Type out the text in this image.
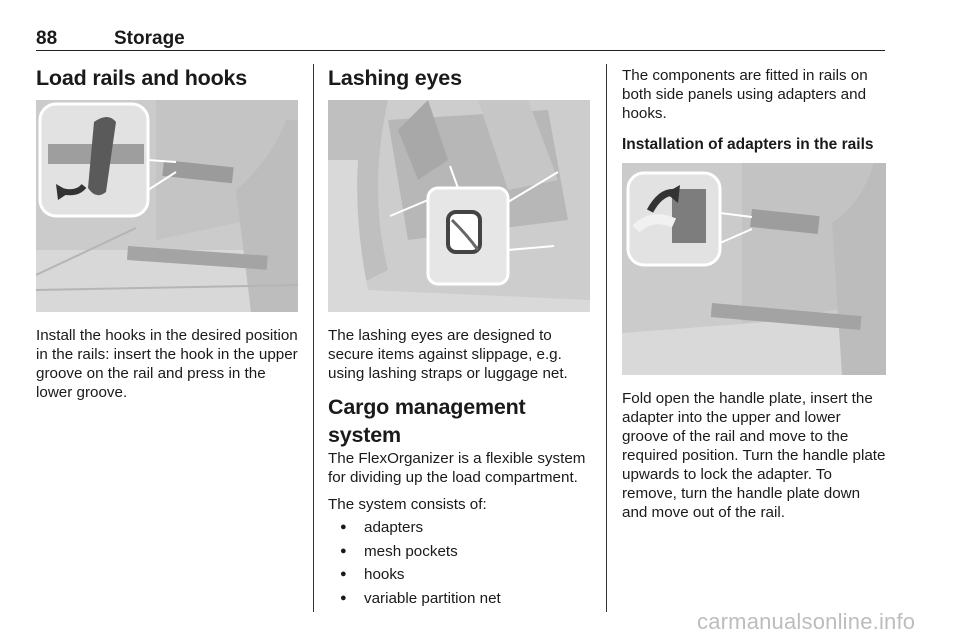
88	Storage
Load rails and hooks

Install the hooks in the desired position in the rails: insert the hook in the upper groove on the rail and press in the lower groove.

Lashing eyes

The lashing eyes are designed to secure items against slippage, e.g. using lashing straps or luggage net.

Cargo management system

The FlexOrganizer is a flexible system for dividing up the load compartment.

The system consists of:

● adapters
● mesh pockets
● hooks
● variable partition net

The components are fitted in rails on both side panels using adapters and hooks.

Installation of adapters in the rails

Fold open the handle plate, insert the adapter into the upper and lower groove of the rail and move to the required position. Turn the handle plate upwards to lock the adapter. To remove, turn the handle plate down and move out of the rail.

carmanualsonline.info
